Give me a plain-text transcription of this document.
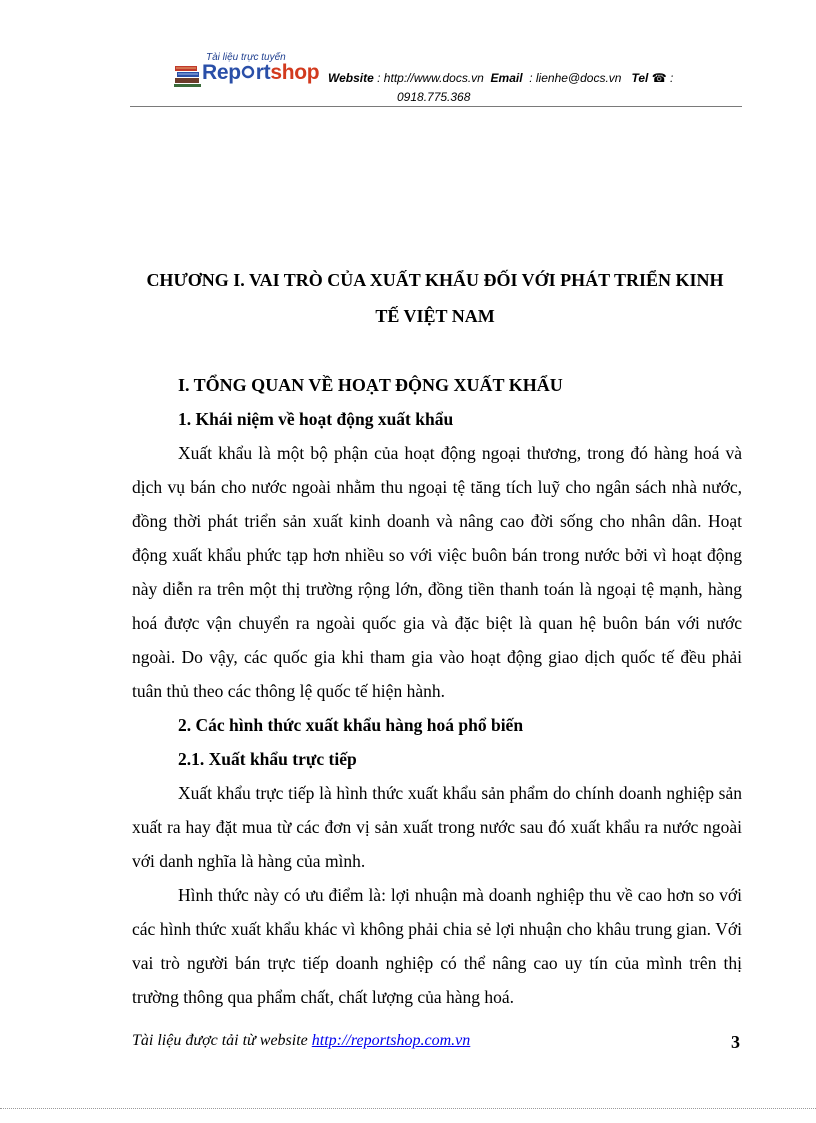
Tài liệu trực tuyến
Rep rtshop Website : http://www.docs.vn Email : lienhe@docs.vn Tel ☎ :
0918.775.368
CHƯƠNG I. VAI TRÒ CỦA XUẤT KHẨU ĐỐI VỚI PHÁT TRIỂN KINH
TẾ VIỆT NAM
I. TỔNG QUAN VỀ HOẠT ĐỘNG XUẤT KHẨU
1. Khái niệm về hoạt động xuất khẩu

Xuất khẩu là một bộ phận của hoạt động ngoại thương, trong đó hàng hoá và dịch vụ bán cho nước ngoài nhằm thu ngoại tệ tăng tích luỹ cho ngân sách nhà nước, đồng thời phát triển sản xuất kinh doanh và nâng cao đời sống cho nhân dân. Hoạt động xuất khẩu phức tạp hơn nhiều so với việc buôn bán trong nước bởi vì hoạt động này diễn ra trên một thị trường rộng lớn, đồng tiền thanh toán là ngoại tệ mạnh, hàng hoá được vận chuyển ra ngoài quốc gia và đặc biệt là quan hệ buôn bán với nước ngoài. Do vậy, các quốc gia khi tham gia vào hoạt động giao dịch quốc tế đều phải tuân thủ theo các thông lệ quốc tế hiện hành.

2. Các hình thức xuất khẩu hàng hoá phổ biến
2.1. Xuất khẩu trực tiếp

Xuất khẩu trực tiếp là hình thức xuất khẩu sản phẩm do chính doanh nghiệp sản xuất ra hay đặt mua từ các đơn vị sản xuất trong nước sau đó xuất khẩu ra nước ngoài với danh nghĩa là hàng của mình.

Hình thức này có ưu điểm là: lợi nhuận mà doanh nghiệp thu về cao hơn so với các hình thức xuất khẩu khác vì không phải chia sẻ lợi nhuận cho khâu trung gian. Với vai trò người bán trực tiếp doanh nghiệp có thể nâng cao uy tín của mình trên thị trường thông qua phẩm chất, chất lượng của hàng hoá.

Tài liệu được tải từ website http://reportshop.com.vn	3
